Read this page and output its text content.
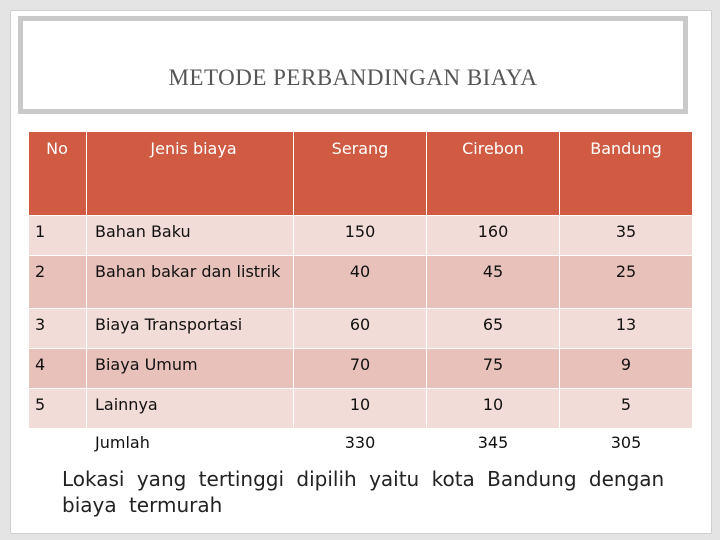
METODE PERBANDINGAN BIAYA
No	Jenis biaya	Serang	Cirebon	Bandung
1	Bahan Baku	150	160	35
2	Bahan bakar dan listrik	40	45	25
3	Biaya Transportasi	60	65	13
4	Biaya Umum	70	75	9
5	Lainnya	10	10	5
	Jumlah	330	345	305
Lokasi yang tertinggi dipilih yaitu kota Bandung dengan biaya termurah
